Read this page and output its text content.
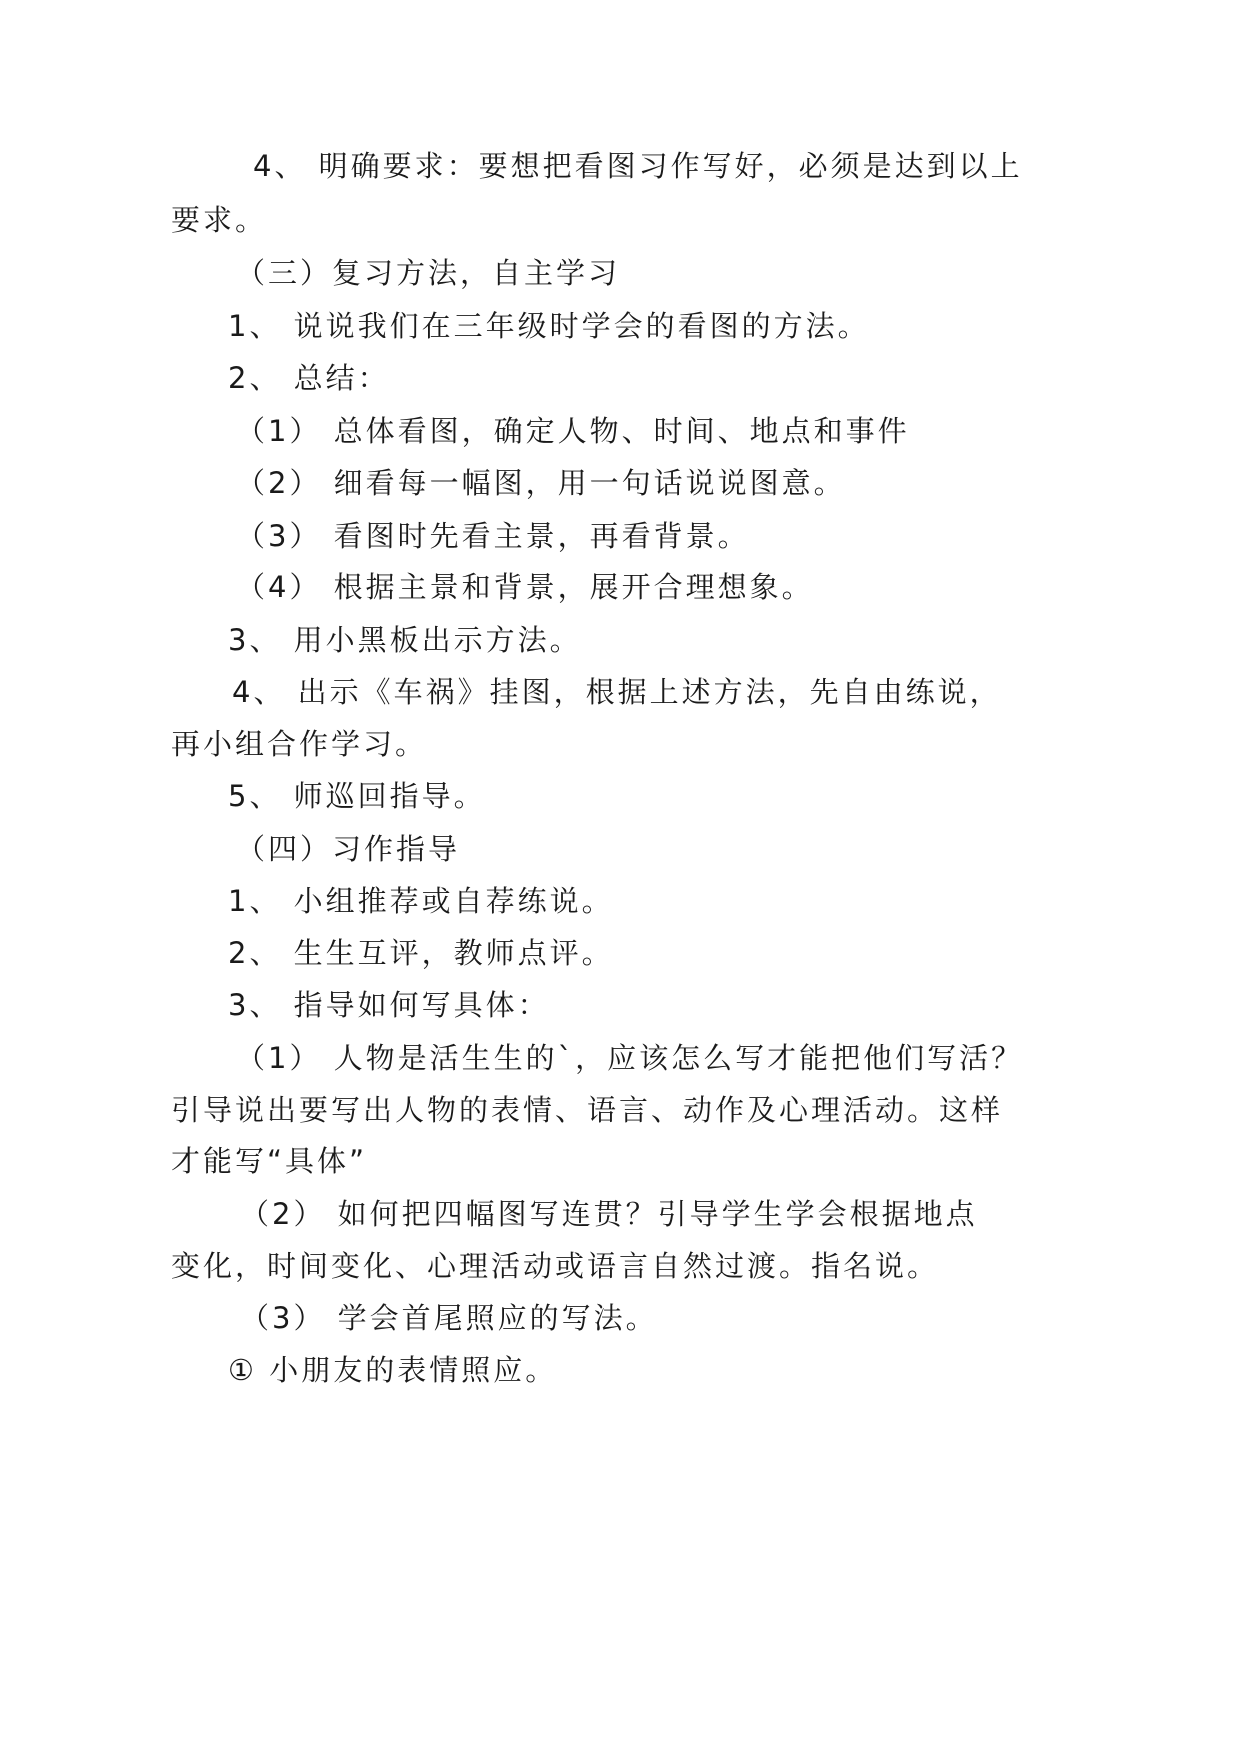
4、 明确要求：要想把看图习作写好，必须是达到以上
要求。
（三）复习方法，自主学习
1、 说说我们在三年级时学会的看图的方法。
2、 总结：
（1） 总体看图，确定人物、时间、地点和事件
（2） 细看每一幅图，用一句话说说图意。
（3） 看图时先看主景，再看背景。
（4） 根据主景和背景，展开合理想象。
3、 用小黑板出示方法。
4、 出示《车祸》挂图，根据上述方法，先自由练说，
再小组合作学习。
5、 师巡回指导。
（四）习作指导
1、 小组推荐或自荐练说。
2、 生生互评，教师点评。
3、 指导如何写具体：
（1） 人物是活生生的`，应该怎么写才能把他们写活？
引导说出要写出人物的表情、语言、动作及心理活动。这样
才能写“具体”
（2） 如何把四幅图写连贯？引导学生学会根据地点
变化，时间变化、心理活动或语言自然过渡。指名说。
（3） 学会首尾照应的写法。
① 小朋友的表情照应。
